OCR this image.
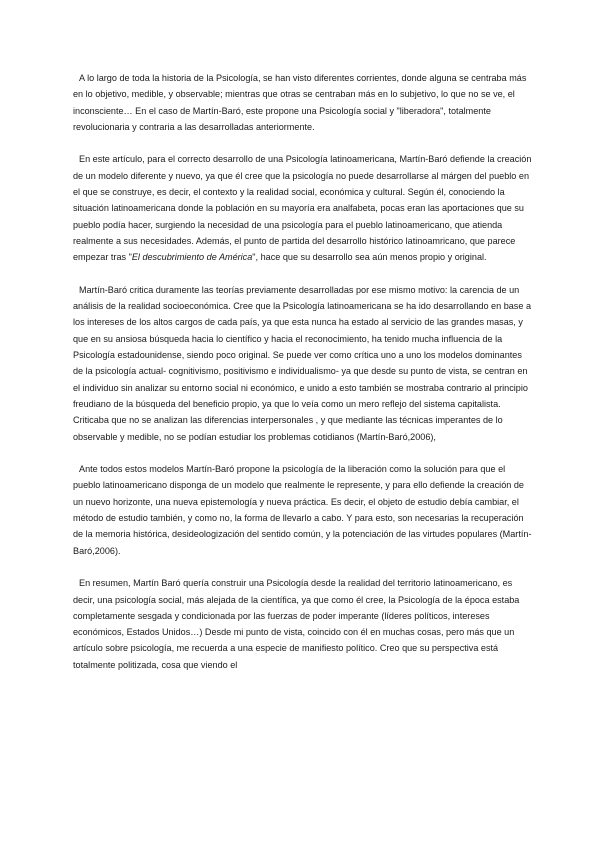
A lo largo de toda la historia de la Psicología, se han visto diferentes corrientes, donde alguna se centraba más en lo objetivo, medible, y observable; mientras que otras se centraban más en lo subjetivo, lo que no se ve, el inconsciente… En el caso de Martín-Baró, este propone una Psicología social y "liberadora", totalmente revolucionaria y contraria a las desarrolladas anteriormente.

En este artículo, para el correcto desarrollo de una Psicología latinoamericana, Martín-Baró defiende la creación de un modelo diferente y nuevo, ya que él cree que la psicología no puede desarrollarse al márgen del pueblo en el que se construye, es decir, el contexto y la realidad social, económica y cultural. Según él, conociendo la situación latinoamericana donde la población en su mayoría era analfabeta, pocas eran las aportaciones que su pueblo podía hacer, surgiendo la necesidad de una psicología para el pueblo latinoamericano, que atienda realmente a sus necesidades. Además, el punto de partida del desarrollo histórico latinoamricano, que parece empezar tras "El descubrimiento de América", hace que su desarrollo sea aún menos propio y original.

Martín-Baró critica duramente las teorías previamente desarrolladas por ese mismo motivo: la carencia de un análisis de la realidad socioeconómica. Cree que la Psicología latinoamericana se ha ido desarrollando en base a los intereses de los altos cargos de cada país, ya que esta nunca ha estado al servicio de las grandes masas, y que en su ansiosa búsqueda hacia lo científico y hacia el reconocimiento, ha tenido mucha influencia de la Psicología estadounidense, siendo poco original. Se puede ver como crítica uno a uno los modelos dominantes de la psicología actual- cognitivismo, positivismo e individualismo- ya que desde su punto de vista, se centran en el individuo sin analizar su entorno social ni económico, e unido a esto también se mostraba contrario al principio freudiano de la búsqueda del beneficio propio, ya que lo veía como un mero reflejo del sistema capitalista. Criticaba que no se analizan las diferencias interpersonales , y que mediante las técnicas imperantes de lo observable y medible, no se podían estudiar los problemas cotidianos (Martín-Baró,2006),

Ante todos estos modelos Martín-Baró propone la psicología de la liberación como la solución para que el pueblo latinoamericano disponga de un modelo que realmente le represente, y para ello defiende la creación de un nuevo horizonte, una nueva epistemología y nueva práctica. Es decir, el objeto de estudio debía cambiar, el método de estudio también, y como no, la forma de llevarlo a cabo. Y para esto, son necesarias la recuperación de la memoria histórica, desideologización del sentido común, y la potenciación de las virtudes populares (Martín-Baró,2006).

En resumen, Martín Baró quería construir una Psicología desde la realidad del territorio latinoamericano, es decir, una psicología social, más alejada de la científica, ya que como él cree, la Psicología de la época estaba completamente sesgada y condicionada por las fuerzas de poder imperante (líderes políticos, intereses económicos, Estados Unidos…) Desde mi punto de vista, coincido con él en muchas cosas, pero más que un artículo sobre psicología, me recuerda a una especie de manifiesto político. Creo que su perspectiva está totalmente politizada, cosa que viendo el
